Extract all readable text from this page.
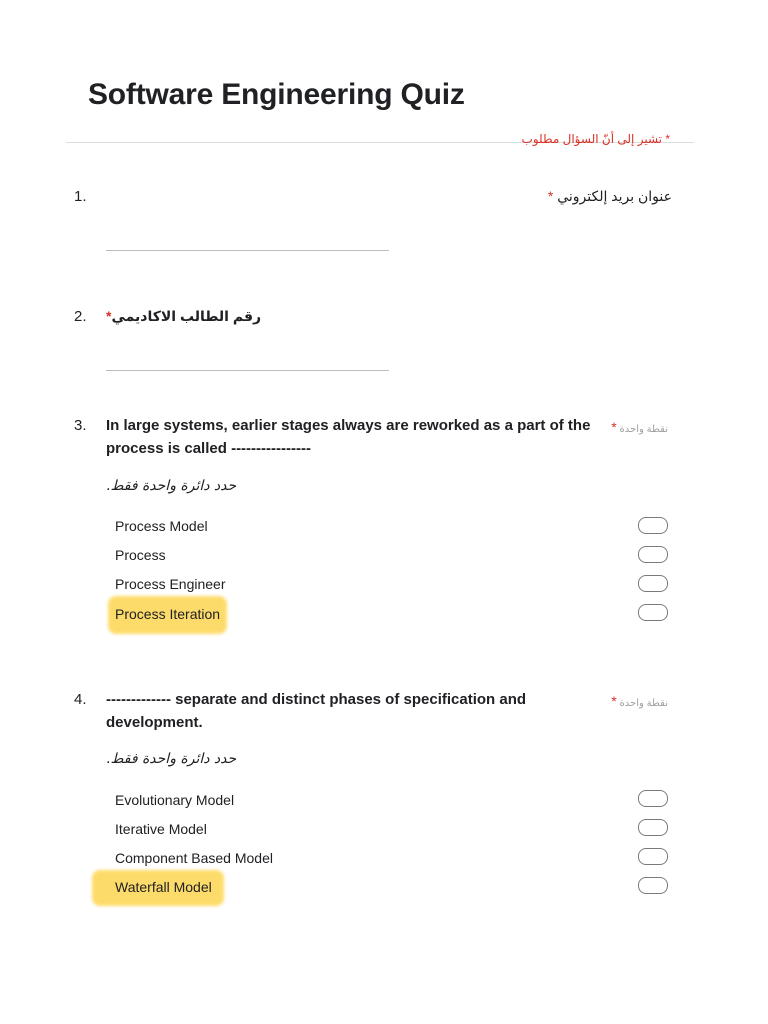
Software Engineering Quiz
* تشير إلى أنّ السؤال مطلوب
1.	عنوان بريد إلكتروني *
2.	رقم الطالب الاكاديمي*
3. In large systems, earlier stages always are reworked as a part of the process is called ----------------
نقطة واحدة *
حدد دائرة واحدة فقط.
Process Model
Process
Process Engineer
Process Iteration
4. ------------- separate and distinct phases of specification and development.
نقطة واحدة *
حدد دائرة واحدة فقط.
Evolutionary Model
Iterative Model
Component Based Model
Waterfall Model
